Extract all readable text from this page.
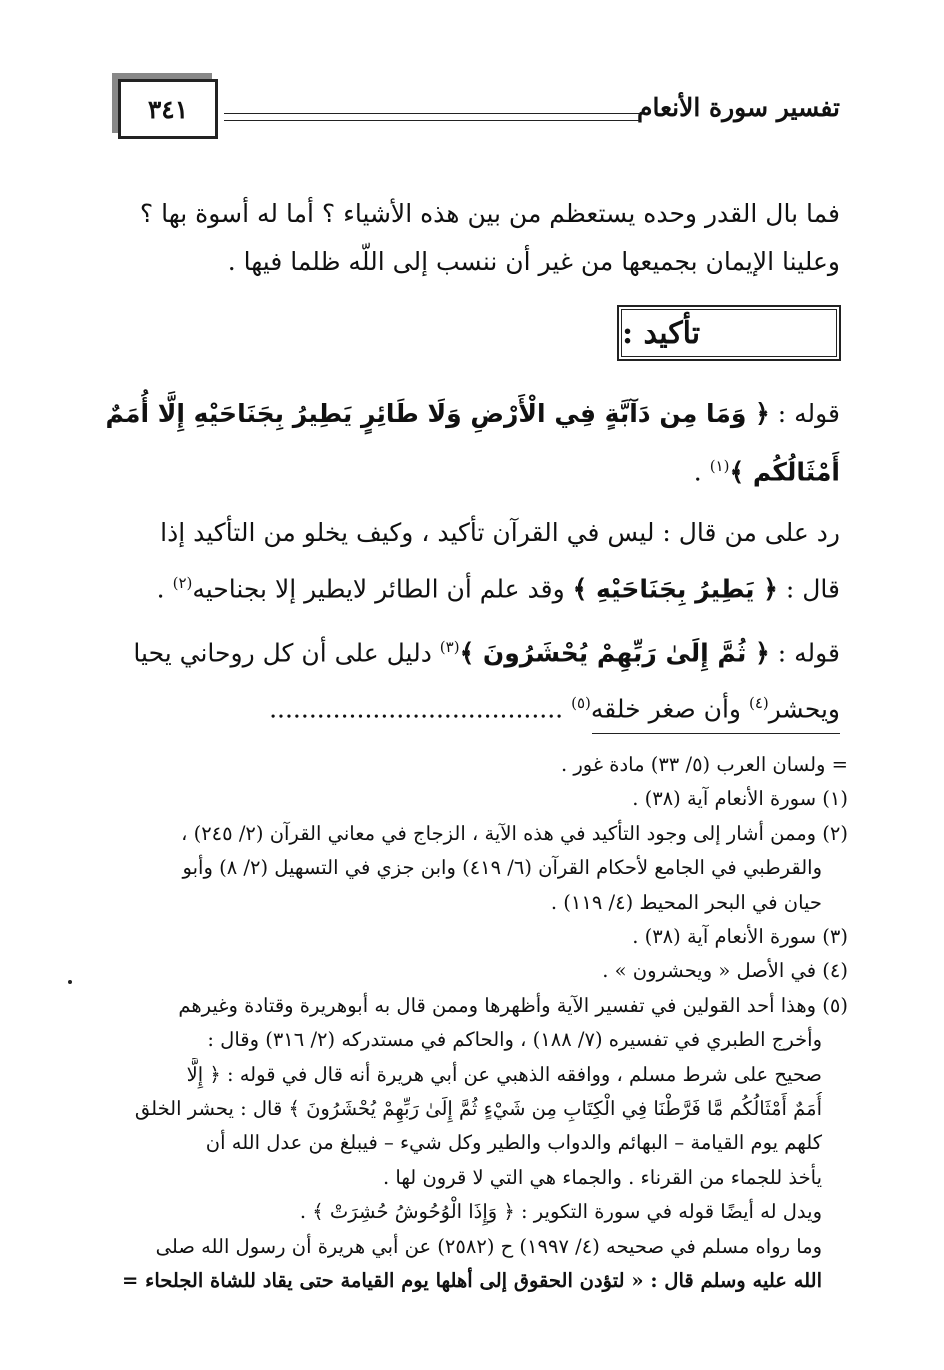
تفسير سورة الأنعام
٣٤١
فما بال القدر وحده يستعظم من بين هذه الأشياء ؟ أما له أسوة بها ؟
وعلينا الإيمان بجميعها من غير أن ننسب إلى اللّه ظلما فيها .
تأكيد :
قوله : ﴿ وَمَا مِن دَآبَّةٍ فِي الْأَرْضِ وَلَا طَائِرٍ يَطِيرُ بِجَنَاحَيْهِ إِلَّا أُمَمٌ
أَمْثَالُكُم ﴾$^{(١)}$ .
رد على من قال : ليس في القرآن تأكيد ، وكيف يخلو من التأكيد إذا
قال : ﴿ يَطِيرُ بِجَنَاحَيْهِ ﴾ وقد علم أن الطائر لايطير إلا بجناحيه$^{(٢)}$ .
قوله : ﴿ ثُمَّ إِلَىٰ رَبِّهِمْ يُحْشَرُونَ ﴾$^{(٣)}$ دليل على أن كل روحاني يحيا
ويحشر$^{(٤)}$ وأن صغر خلقه$^{(٥)}$ .....................................
= ولسان العرب (٥/ ٣٣) مادة غور .
(١) سورة الأنعام آية (٣٨) .
(٢) وممن أشار إلى وجود التأكيد في هذه الآية ، الزجاج في معاني القرآن (٢/ ٢٤٥) ،
والقرطبي في الجامع لأحكام القرآن (٦/ ٤١٩) وابن جزي في التسهيل (٢/ ٨) وأبو
حيان في البحر المحيط (٤/ ١١٩) .
(٣) سورة الأنعام آية (٣٨) .
(٤) في الأصل « ويحشرون » .
(٥) وهذا أحد القولين في تفسير الآية وأظهرها وممن قال به أبوهريرة وقتادة وغيرهم
وأخرج الطبري في تفسيره (٧/ ١٨٨) ، والحاكم في مستدركه (٢/ ٣١٦) وقال :
صحيح على شرط مسلم ، ووافقه الذهبي عن أبي هريرة أنه قال في قوله : ﴿ إِلَّا
أُمَمٌ أَمْثَالُكُم مَّا فَرَّطْنَا فِي الْكِتَابِ مِن شَيْءٍ ثُمَّ إِلَىٰ رَبِّهِمْ يُحْشَرُونَ ﴾ قال : يحشر الخلق
كلهم يوم القيامة – البهائم والدواب والطير وكل شيء – فيبلغ من عدل الله أن
يأخذ للجماء من القرناء . والجماء هي التي لا قرون لها .
ويدل له أيضًا قوله في سورة التكوير : ﴿ وَإِذَا الْوُحُوشُ حُشِرَتْ ﴾ .
وما رواه مسلم في صحيحه (٤/ ١٩٩٧) ح (٢٥٨٢) عن أبي هريرة أن رسول الله صلى
الله عليه وسلم قال : « لتؤدن الحقوق إلى أهلها يوم القيامة حتى يقاد للشاة الجلحاء =
